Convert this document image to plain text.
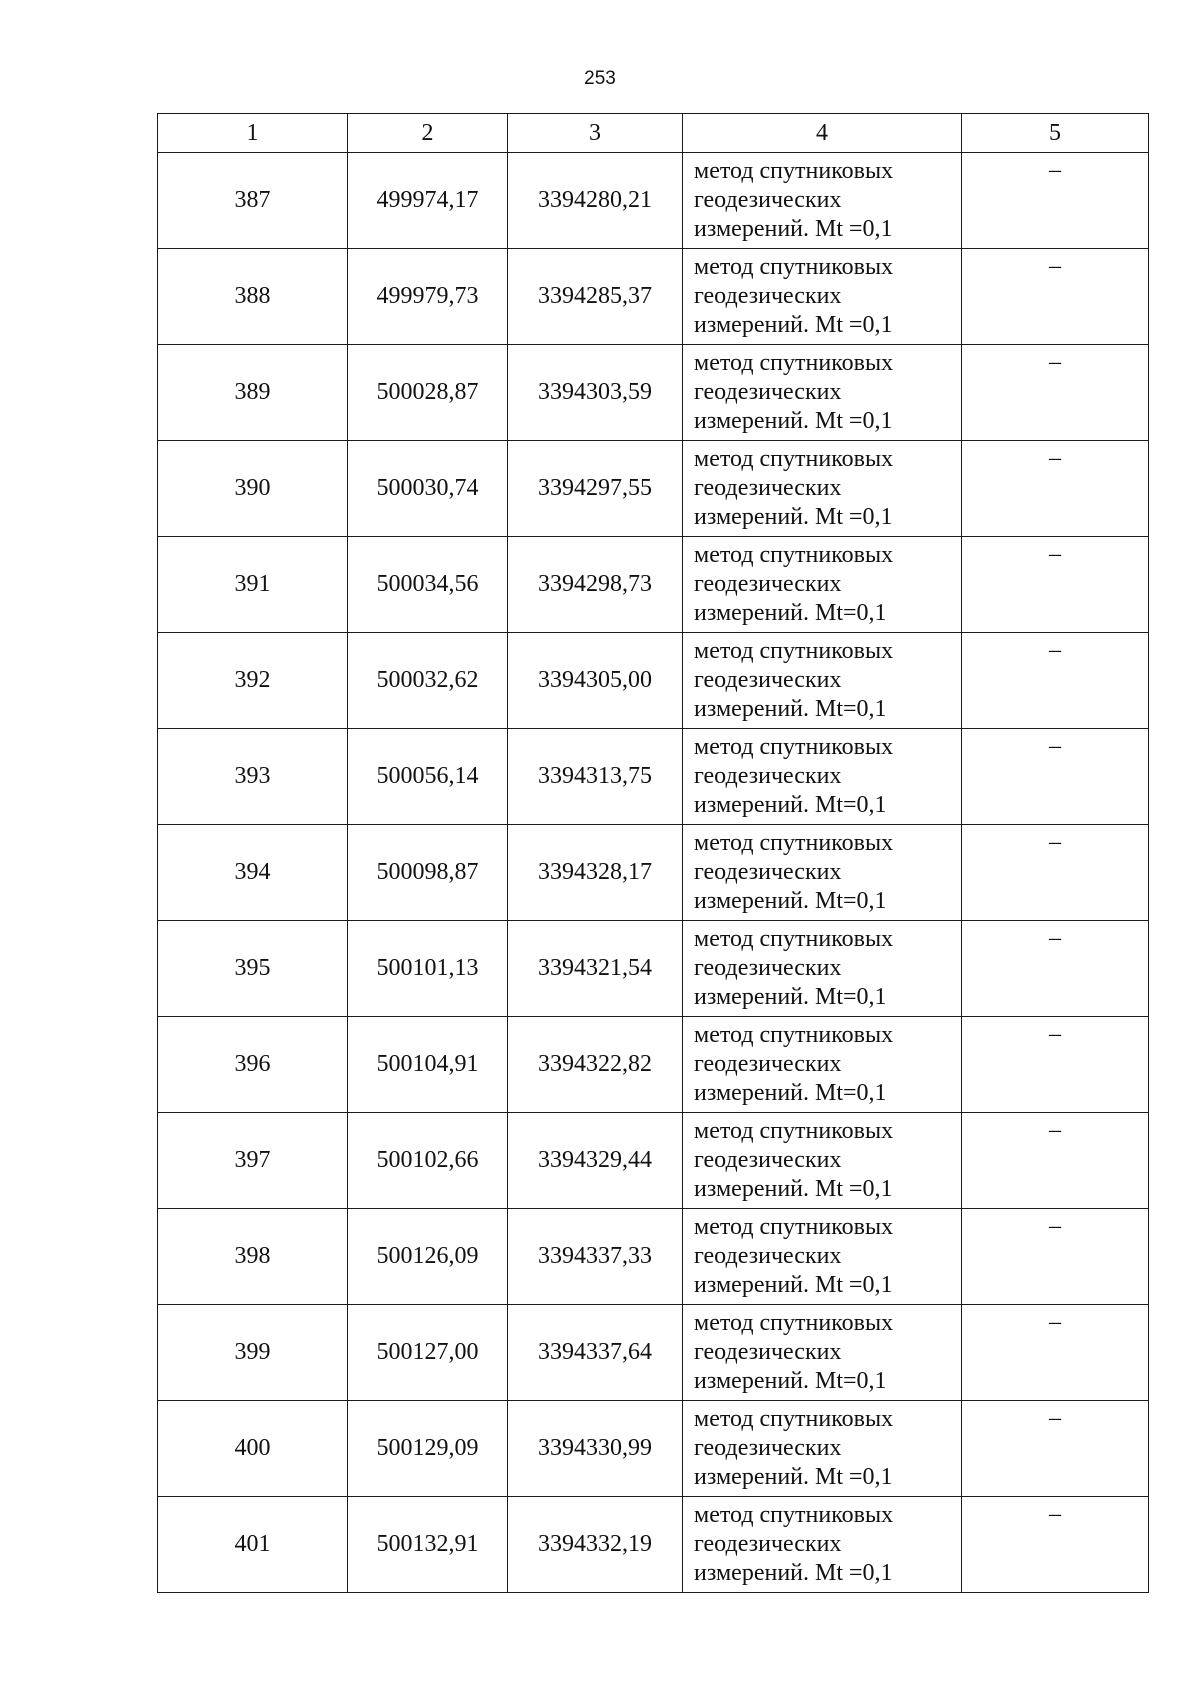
253
1	2	3	4	5
387	499974,17	3394280,21	метод спутниковых
геодезических
измерений. Mt =0,1	–
388	499979,73	3394285,37	метод спутниковых
геодезических
измерений. Mt =0,1	–
389	500028,87	3394303,59	метод спутниковых
геодезических
измерений. Mt =0,1	–
390	500030,74	3394297,55	метод спутниковых
геодезических
измерений. Mt =0,1	–
391	500034,56	3394298,73	метод спутниковых
геодезических
измерений. Mt=0,1	–
392	500032,62	3394305,00	метод спутниковых
геодезических
измерений. Mt=0,1	–
393	500056,14	3394313,75	метод спутниковых
геодезических
измерений. Mt=0,1	–
394	500098,87	3394328,17	метод спутниковых
геодезических
измерений. Mt=0,1	–
395	500101,13	3394321,54	метод спутниковых
геодезических
измерений. Mt=0,1	–
396	500104,91	3394322,82	метод спутниковых
геодезических
измерений. Mt=0,1	–
397	500102,66	3394329,44	метод спутниковых
геодезических
измерений. Mt =0,1	–
398	500126,09	3394337,33	метод спутниковых
геодезических
измерений. Mt =0,1	–
399	500127,00	3394337,64	метод спутниковых
геодезических
измерений. Mt=0,1	–
400	500129,09	3394330,99	метод спутниковых
геодезических
измерений. Mt =0,1	–
401	500132,91	3394332,19	метод спутниковых
геодезических
измерений. Mt =0,1	–
